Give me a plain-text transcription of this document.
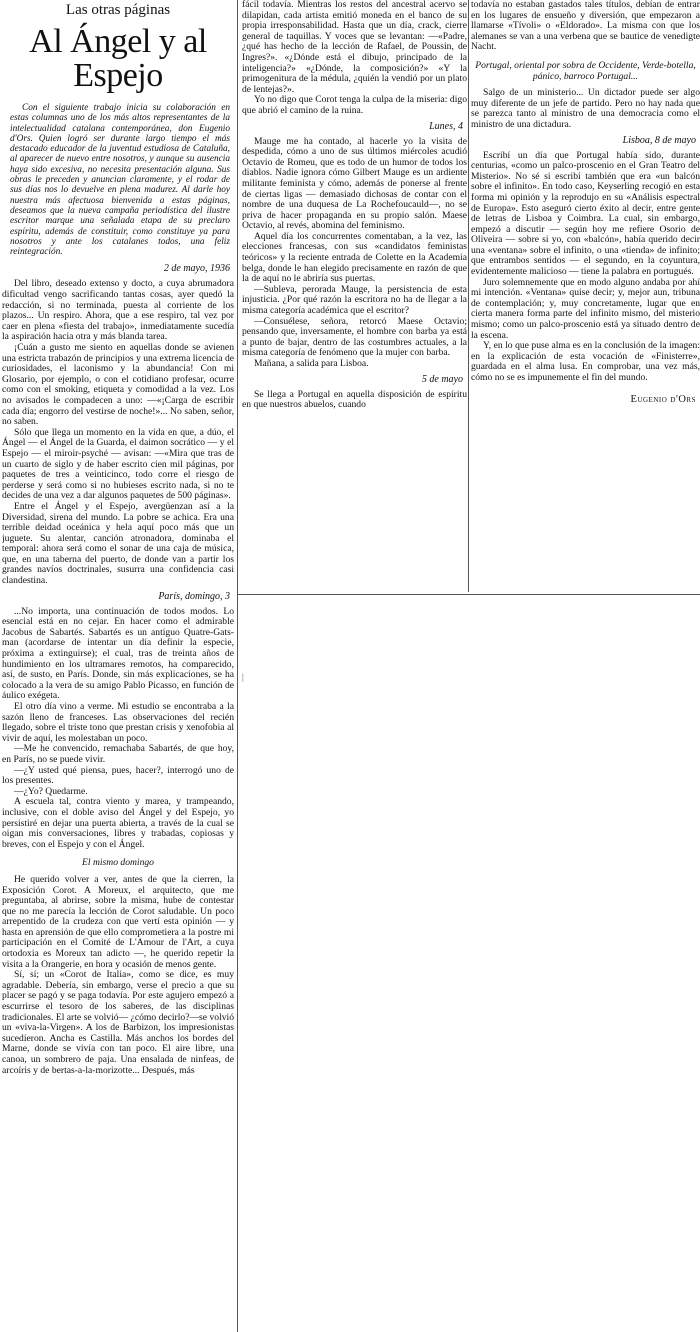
Las otras páginas
Al Ángel y al Espejo
Con el siguiente trabajo inicia su colaboración en estas columnas uno de los más altos representantes de la intelectualidad catalana contemporánea, don Eugenio d'Ors. Quien logró ser durante largo tiempo el más destacado educador de la juventud estudiosa de Cataluña, al aparecer de nuevo entre nosotros, y aunque su ausencia haya sido excesiva, no necesita presentación alguna. Sus obras le preceden y anuncian claramente, y el rodar de sus días nos lo devuelve en plena madurez. Al darle hoy nuestra más afectuosa bienvenida a estas páginas, deseamos que la nueva campaña periodística del ilustre escritor marque una señalada etapa de su preclaro espíritu, además de constituir, como constituye ya para nosotros y ante los catalanes todos, una feliz reintegración.
2 de mayo, 1936

Del libro, deseado extenso y docto, a cuya abrumadora dificultad vengo sacrificando tantas cosas, ayer quedó la redacción, si no terminada, puesta al corriente de los plazos... Un respiro. Ahora, que a ese respiro, tal vez por caer en plena «fiesta del trabajo», inmediatamente sucedía la aspiración hacia otra y más blanda tarea.

¡Cuán a gusto me siento en aquellas donde se avienen una estricta trabazón de principios y una extrema licencia de curiosidades, el laconismo y la abundancia! Con mi Glosario, por ejemplo, o con el cotidiano profesar, ocurre como con el smoking, etiqueta y comodidad a la vez. Los no avisados le compadecen a uno: —«¡Carga de escribir cada día; engorro del vestirse de noche!»... No saben, señor, no saben.

Sólo que llega un momento en la vida en que, a dúo, el Ángel — el Ángel de la Guarda, el daimon socrático — y el Espejo — el miroir-psyché — avisan: —«Mira que tras de un cuarto de siglo y de haber escrito cien mil páginas, por paquetes de tres a veinticinco, todo corre el riesgo de perderse y será como si no hubieses escrito nada, si no te decides de una vez a dar algunos paquetes de 500 páginas».

Entre el Ángel y el Espejo, avergüenzan así a la Diversidad, sirena del mundo. La pobre se achica. Era una terrible deidad oceánica y hela aquí poco más que un juguete. Su alentar, canción atronadora, dominaba el temporal: ahora será como el sonar de una caja de música, que, en una taberna del puerto, de donde van a partir los grandes navíos doctrinales, susurra una confidencia casi clandestina.

París, domingo, 3

...No importa, una continuación de todos modos. Lo esencial está en no cejar. En hacer como el admirable Jacobus de Sabartés. Sabartés es un antiguo Quatre-Gats-man (acordarse de intentar un día definir la especie, próxima a extinguirse); el cual, tras de treinta años de hundimiento en los ultramares remotos, ha comparecido, así, de susto, en París. Donde, sin más explicaciones, se ha colocado a la vera de su amigo Pablo Picasso, en función de áulico exégeta.

El otro día vino a verme. Mi estudio se encontraba a la sazón lleno de franceses. Las observaciones del recién llegado, sobre el triste tono que prestan crisis y xenofobia al vivir de aquí, les molestaban un poco.

—Me he convencido, remachaba Sabartés, de que hoy, en París, no se puede vivir.

—¿Y usted qué piensa, pues, hacer?, interrogó uno de los presentes.

—¿Yo? Quedarme.

A escuela tal, contra viento y marea, y trampeando, inclusive, con el doble aviso del Ángel y del Espejo, yo persistiré en dejar una puerta abierta, a través de la cual se oigan mis conversaciones, libres y trabadas, copiosas y breves, con el Espejo y con el Ángel.

El mismo domingo

He querido volver a ver, antes de que la cierren, la Exposición Corot. A Moreux, el arquitecto, que me preguntaba, al abrirse, sobre la misma, hube de contestar que no me parecía la lección de Corot saludable. Un poco arrepentido de la crudeza con que vertí esta opinión — y hasta en aprensión de que ello comprometiera a la postre mi participación en el Comité de L'Amour de l'Art, a cuya ortodoxia es Moreux tan adicto —, he querido repetir la visita a la Orangerie, en hora y ocasión de menos gente.

Sí, sí; un «Corot de Italia», como se dice, es muy agradable. Debería, sin embargo, verse el precio a que su placer se pagó y se paga todavía. Por este agujero empezó a escurrirse el tesoro de los saberes, de las disciplinas tradicionales. El arte se volvió— ¿cómo decirlo?—se volvió un «viva-la-Virgen». A los de Barbizon, los impresionistas sucedieron. Ancha es Castilla. Más anchos los bordes del Marne, donde se vivía con tan poco. El aire libre, una canoa, un sombrero de paja. Una ensalada de ninfeas, de arcoíris y de bertas-a-la-morizotte... Después, más

fácil todavía. Mientras los restos del ancestral acervo se dilapidan, cada artista emitió moneda en el banco de su propia irresponsabilidad. Hasta que un día, crack, cierre general de taquillas. Y voces que se levantan: —«Padre, ¿qué has hecho de la lección de Rafael, de Poussin, de Ingres?». «¿Dónde está el dibujo, principado de la inteligencia?» «¿Dónde, la composición?» «Y la primogenitura de la médula, ¿quién la vendió por un plato de lentejas?».

Yo no digo que Corot tenga la culpa de la miseria: digo que abrió el camino de la ruina.

Lunes, 4

Mauge me ha contado, al hacerle yo la visita de despedida, cómo a uno de sus últimos miércoles acudió Octavio de Romeu, que es todo de un humor de todos los diablos. Nadie ignora cómo Gilbert Mauge es un ardiente militante feminista y cómo, además de ponerse al frente de ciertas ligas — demasiado dichosas de contar con el nombre de una duquesa de La Rochefoucauld—, no se priva de hacer propaganda en su propio salón. Maese Octavio, al revés, abomina del feminismo.

Aquel día los concurrentes comentaban, a la vez, las elecciones francesas, con sus «candidatos feministas teóricos» y la reciente entrada de Colette en la Academia belga, donde le han elegido precisamente en razón de que la de aquí no le abriría sus puertas.

—Subleva, perorada Mauge, la persistencia de esta injusticia. ¿Por qué razón la escritora no ha de llegar a la misma categoría académica que el escritor?

—Consuélese, señora, retorcó Maese Octavio; pensando que, inversamente, el hombre con barba ya está a punto de bajar, dentro de las costumbres actuales, a la misma categoría de fenómeno que la mujer con barba.

Mañana, a salida para Lisboa.

5 de mayo

Se llega a Portugal en aquella disposición de espíritu en que nuestros abuelos, cuando

todavía no estaban gastados tales títulos, debían de entrar en los lugares de ensueño y diversión, que empezaron a llamarse «Tívoli» o «Eldorado». La misma con que los alemanes se van a una verbena que se bautice de venedigte Nacht.

Portugal, oriental por sobra de Occidente, Verde-botella, pánico, barroco Portugal...

Salgo de un ministerio... Un dictador puede ser algo muy diferente de un jefe de partido. Pero no hay nada que se parezca tanto al ministro de una democracia como el ministro de una dictadura.

Lisboa, 8 de mayo

Escribí un día que Portugal había sido, durante centurias, «como un palco-proscenio en el Gran Teatro del Misterio». No sé si escribí también que era «un balcón sobre el infinito». En todo caso, Keyserling recogió en esta forma mi opinión y la reprodujo en su «Análisis espectral de Europa». Esto aseguró cierto éxito al decir, entre gente de letras de Lisboa y Coimbra. La cual, sin embargo, empezó a discutir — según hoy me refiere Osorio de Oliveira — sobre si yo, con «balcón», había querido decir una «ventana» sobre el infinito, o una «tienda» de infinito; que entrambos sentidos — el segundo, en la coyuntura, evidentemente malicioso — tiene la palabra en portugués.

Juro solemnemente que en modo alguno andaba por ahí mi intención. «Ventana» quise decir; y, mejor aun, tribuna de contemplación; y, muy concretamente, lugar que en cierta manera forma parte del infinito mismo, del misterio mismo; como un palco-proscenio está ya situado dentro de la escena.

Y, en lo que puse alma es en la conclusión de la imagen: en la explicación de esta vocación de «Finisterre», guardada en el alma lusa. En comprobar, una vez más, cómo no se es impunemente el fin del mundo.

Eugenio d'Ors
|
